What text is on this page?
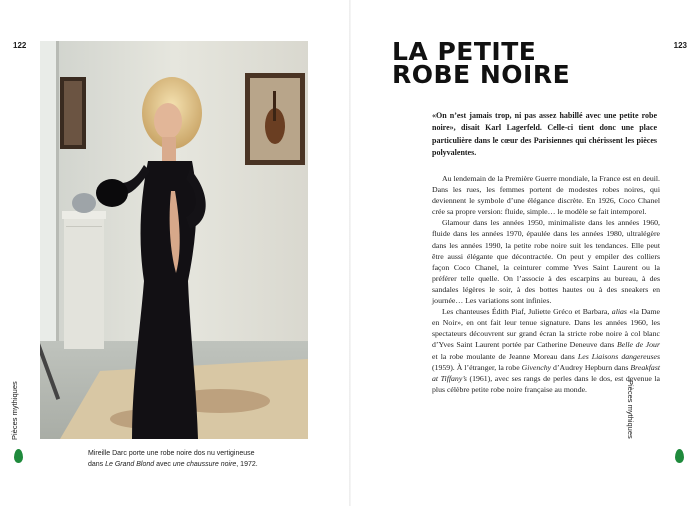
122
Mireille Darc porte une robe noire dos nu vertigineuse
dans Le Grand Blond avec une chaussure noire, 1972.
Pièces mythiques
123
LA PETITE
ROBE NOIRE
«On n’est jamais trop, ni pas assez habillé avec une petite robe noire», disait Karl Lagerfeld. Celle-ci tient donc une place particulière dans le cœur des Parisiennes qui chérissent les pièces polyvalentes.

Au lendemain de la Première Guerre mondiale, la France est en deuil. Dans les rues, les femmes portent de modestes robes noires, qui deviennent le symbole d’une élégance discrète. En 1926, Coco Chanel crée sa propre version: fluide, simple… le modèle se fait intemporel.

Glamour dans les années 1950, minimaliste dans les années 1960, fluide dans les années 1970, épaulée dans les années 1980, ultralégère dans les années 1990, la petite robe noire suit les tendances. Elle peut être aussi élégante que décontractée. On peut y empiler des colliers façon Coco Chanel, la ceinturer comme Yves Saint Laurent ou la préférer telle quelle. On l’associe à des escarpins au bureau, à des sandales légères le soir, à des bottes hautes ou à des sneakers en journée… Les variations sont infinies.

Les chanteuses Édith Piaf, Juliette Gréco et Barbara, alias «la Dame en Noir», en ont fait leur tenue signature. Dans les années 1960, les spectateurs découvrent sur grand écran la stricte robe noire à col blanc d’Yves Saint Laurent portée par Catherine Deneuve dans Belle de Jour et la robe moulante de Jeanne Moreau dans Les Liaisons dangereuses (1959). À l’étranger, la robe Givenchy d’Audrey Hepburn dans Breakfast at Tiffany’s (1961), avec ses rangs de perles dans le dos, est devenue la plus célèbre petite robe noire française au monde.	Pièces mythiques
